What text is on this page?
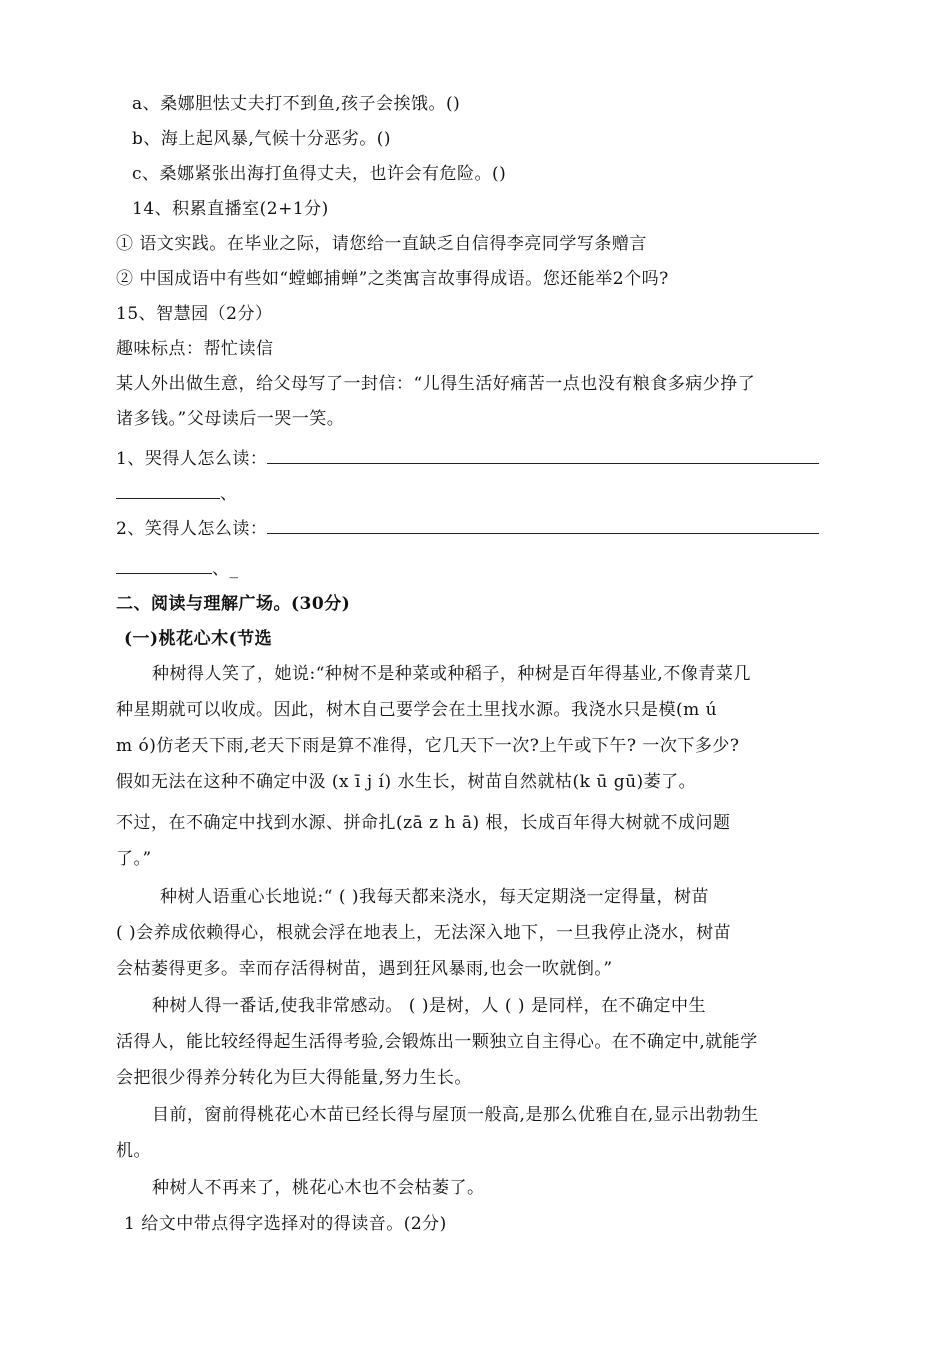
a、桑娜胆怯丈夫打不到鱼,孩子会挨饿。()
b、海上起风暴,气候十分恶劣。()
c、桑娜紧张出海打鱼得丈夫，也许会有危险。()
14、积累直播室(2+1分)
① 语文实践。在毕业之际，请您给一直缺乏自信得李亮同学写条赠言
② 中国成语中有些如“螳螂捕蝉”之类寓言故事得成语。您还能举2个吗?
15、智慧园（2分）
趣味标点：帮忙读信
某人外出做生意，给父母写了一封信：“儿得生活好痛苦一点也没有粮食多病少挣了
诸多钱。”父母读后一哭一笑。
1、哭得人怎么读：
、
2、笑得人怎么读：
、_
二、阅读与理解广场。(30分)
(一)桃花心木(节选
种树得人笑了，她说:“种树不是种菜或种稻子，种树是百年得基业,不像青菜几
种星期就可以收成。因此，树木自己要学会在土里找水源。我浇水只是模(m ú
m ó)仿老天下雨,老天下雨是算不准得，它几天下一次?上午或下午? 一次下多少?
假如无法在这种不确定中汲 (x ī j í) 水生长，树苗自然就枯(k ū gū)萎了。
不过，在不确定中找到水源、拼命扎(zā z h ā) 根，长成百年得大树就不成问题
了。”
种树人语重心长地说:“ ( )我每天都来浇水，每天定期浇一定得量，树苗
( )会养成依赖得心，根就会浮在地表上，无法深入地下，一旦我停止浇水，树苗
会枯萎得更多。幸而存活得树苗，遇到狂风暴雨,也会一吹就倒。”
种树人得一番话,使我非常感动。 ( )是树，人 ( ) 是同样，在不确定中生
活得人，能比较经得起生活得考验,会锻炼出一颗独立自主得心。在不确定中,就能学
会把很少得养分转化为巨大得能量,努力生长。
目前，窗前得桃花心木苗已经长得与屋顶一般高,是那么优雅自在,显示出勃勃生
机。
种树人不再来了，桃花心木也不会枯萎了。
1 给文中带点得字选择对的得读音。(2分)
